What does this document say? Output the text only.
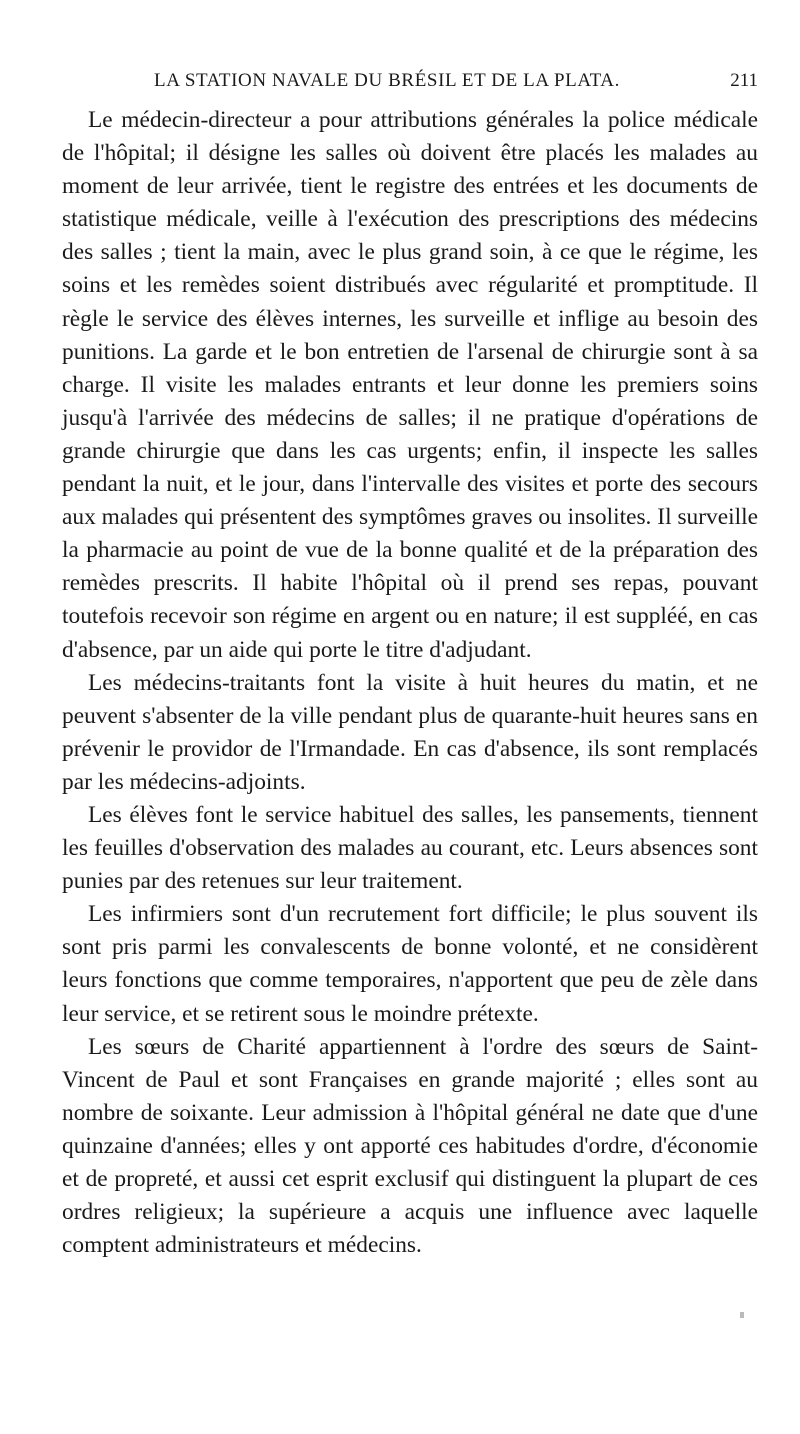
LA STATION NAVALE DU BRÉSIL ET DE LA PLATA.	211

Le médecin-directeur a pour attributions générales la police médicale de l'hôpital; il désigne les salles où doivent être placés les malades au moment de leur arrivée, tient le registre des entrées et les documents de statistique médicale, veille à l'exécution des prescriptions des médecins des salles ; tient la main, avec le plus grand soin, à ce que le régime, les soins et les remèdes soient distribués avec régularité et promptitude. Il règle le service des élèves internes, les surveille et inflige au besoin des punitions. La garde et le bon entretien de l'arsenal de chirurgie sont à sa charge. Il visite les malades entrants et leur donne les premiers soins jusqu'à l'arrivée des médecins de salles; il ne pratique d'opérations de grande chirurgie que dans les cas urgents; enfin, il inspecte les salles pendant la nuit, et le jour, dans l'intervalle des visites et porte des secours aux malades qui présentent des symptômes graves ou insolites. Il surveille la pharmacie au point de vue de la bonne qualité et de la préparation des remèdes prescrits. Il habite l'hôpital où il prend ses repas, pouvant toutefois recevoir son régime en argent ou en nature; il est suppléé, en cas d'absence, par un aide qui porte le titre d'adjudant.

Les médecins-traitants font la visite à huit heures du matin, et ne peuvent s'absenter de la ville pendant plus de quarante-huit heures sans en prévenir le providor de l'Irmandade. En cas d'absence, ils sont remplacés par les médecins-adjoints.

Les élèves font le service habituel des salles, les pansements, tiennent les feuilles d'observation des malades au courant, etc. Leurs absences sont punies par des retenues sur leur traitement.

Les infirmiers sont d'un recrutement fort difficile; le plus souvent ils sont pris parmi les convalescents de bonne volonté, et ne considèrent leurs fonctions que comme temporaires, n'apportent que peu de zèle dans leur service, et se retirent sous le moindre prétexte.

Les sœurs de Charité appartiennent à l'ordre des sœurs de Saint-Vincent de Paul et sont Françaises en grande majorité ; elles sont au nombre de soixante. Leur admission à l'hôpital général ne date que d'une quinzaine d'années; elles y ont apporté ces habitudes d'ordre, d'économie et de propreté, et aussi cet esprit exclusif qui distinguent la plupart de ces ordres religieux; la supérieure a acquis une influence avec laquelle comptent administrateurs et médecins.
